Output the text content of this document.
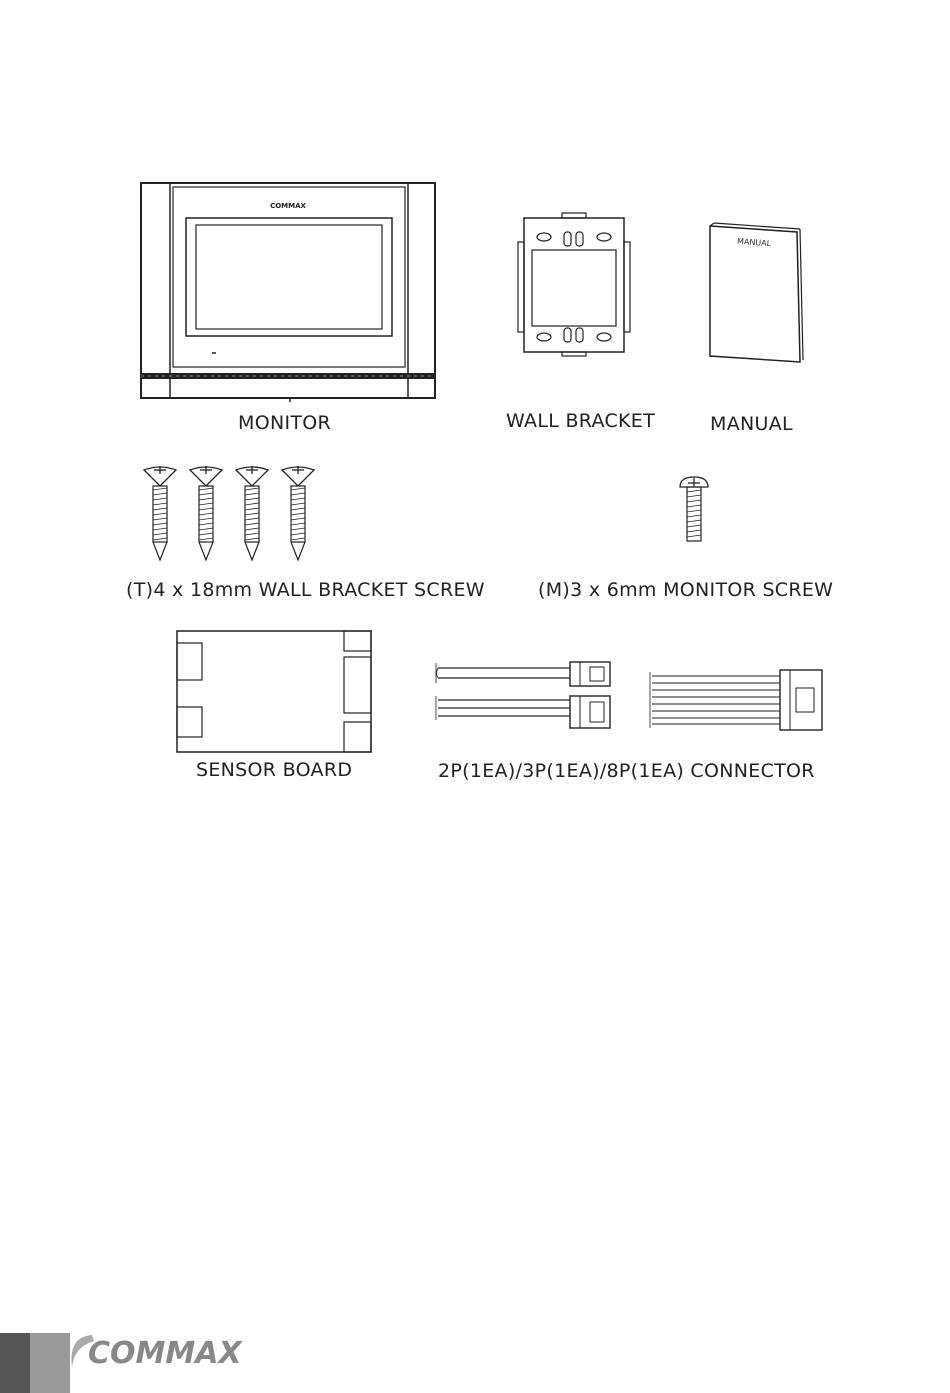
COMMAX
MONITOR	WALL BRACKET
MANUAL
MANUAL
(T)4 x 18mm WALL BRACKET SCREW	(M)3 x 6mm MONITOR SCREW
SENSOR BOARD	2P(1EA)/3P(1EA)/8P(1EA) CONNECTOR
COMMAX
